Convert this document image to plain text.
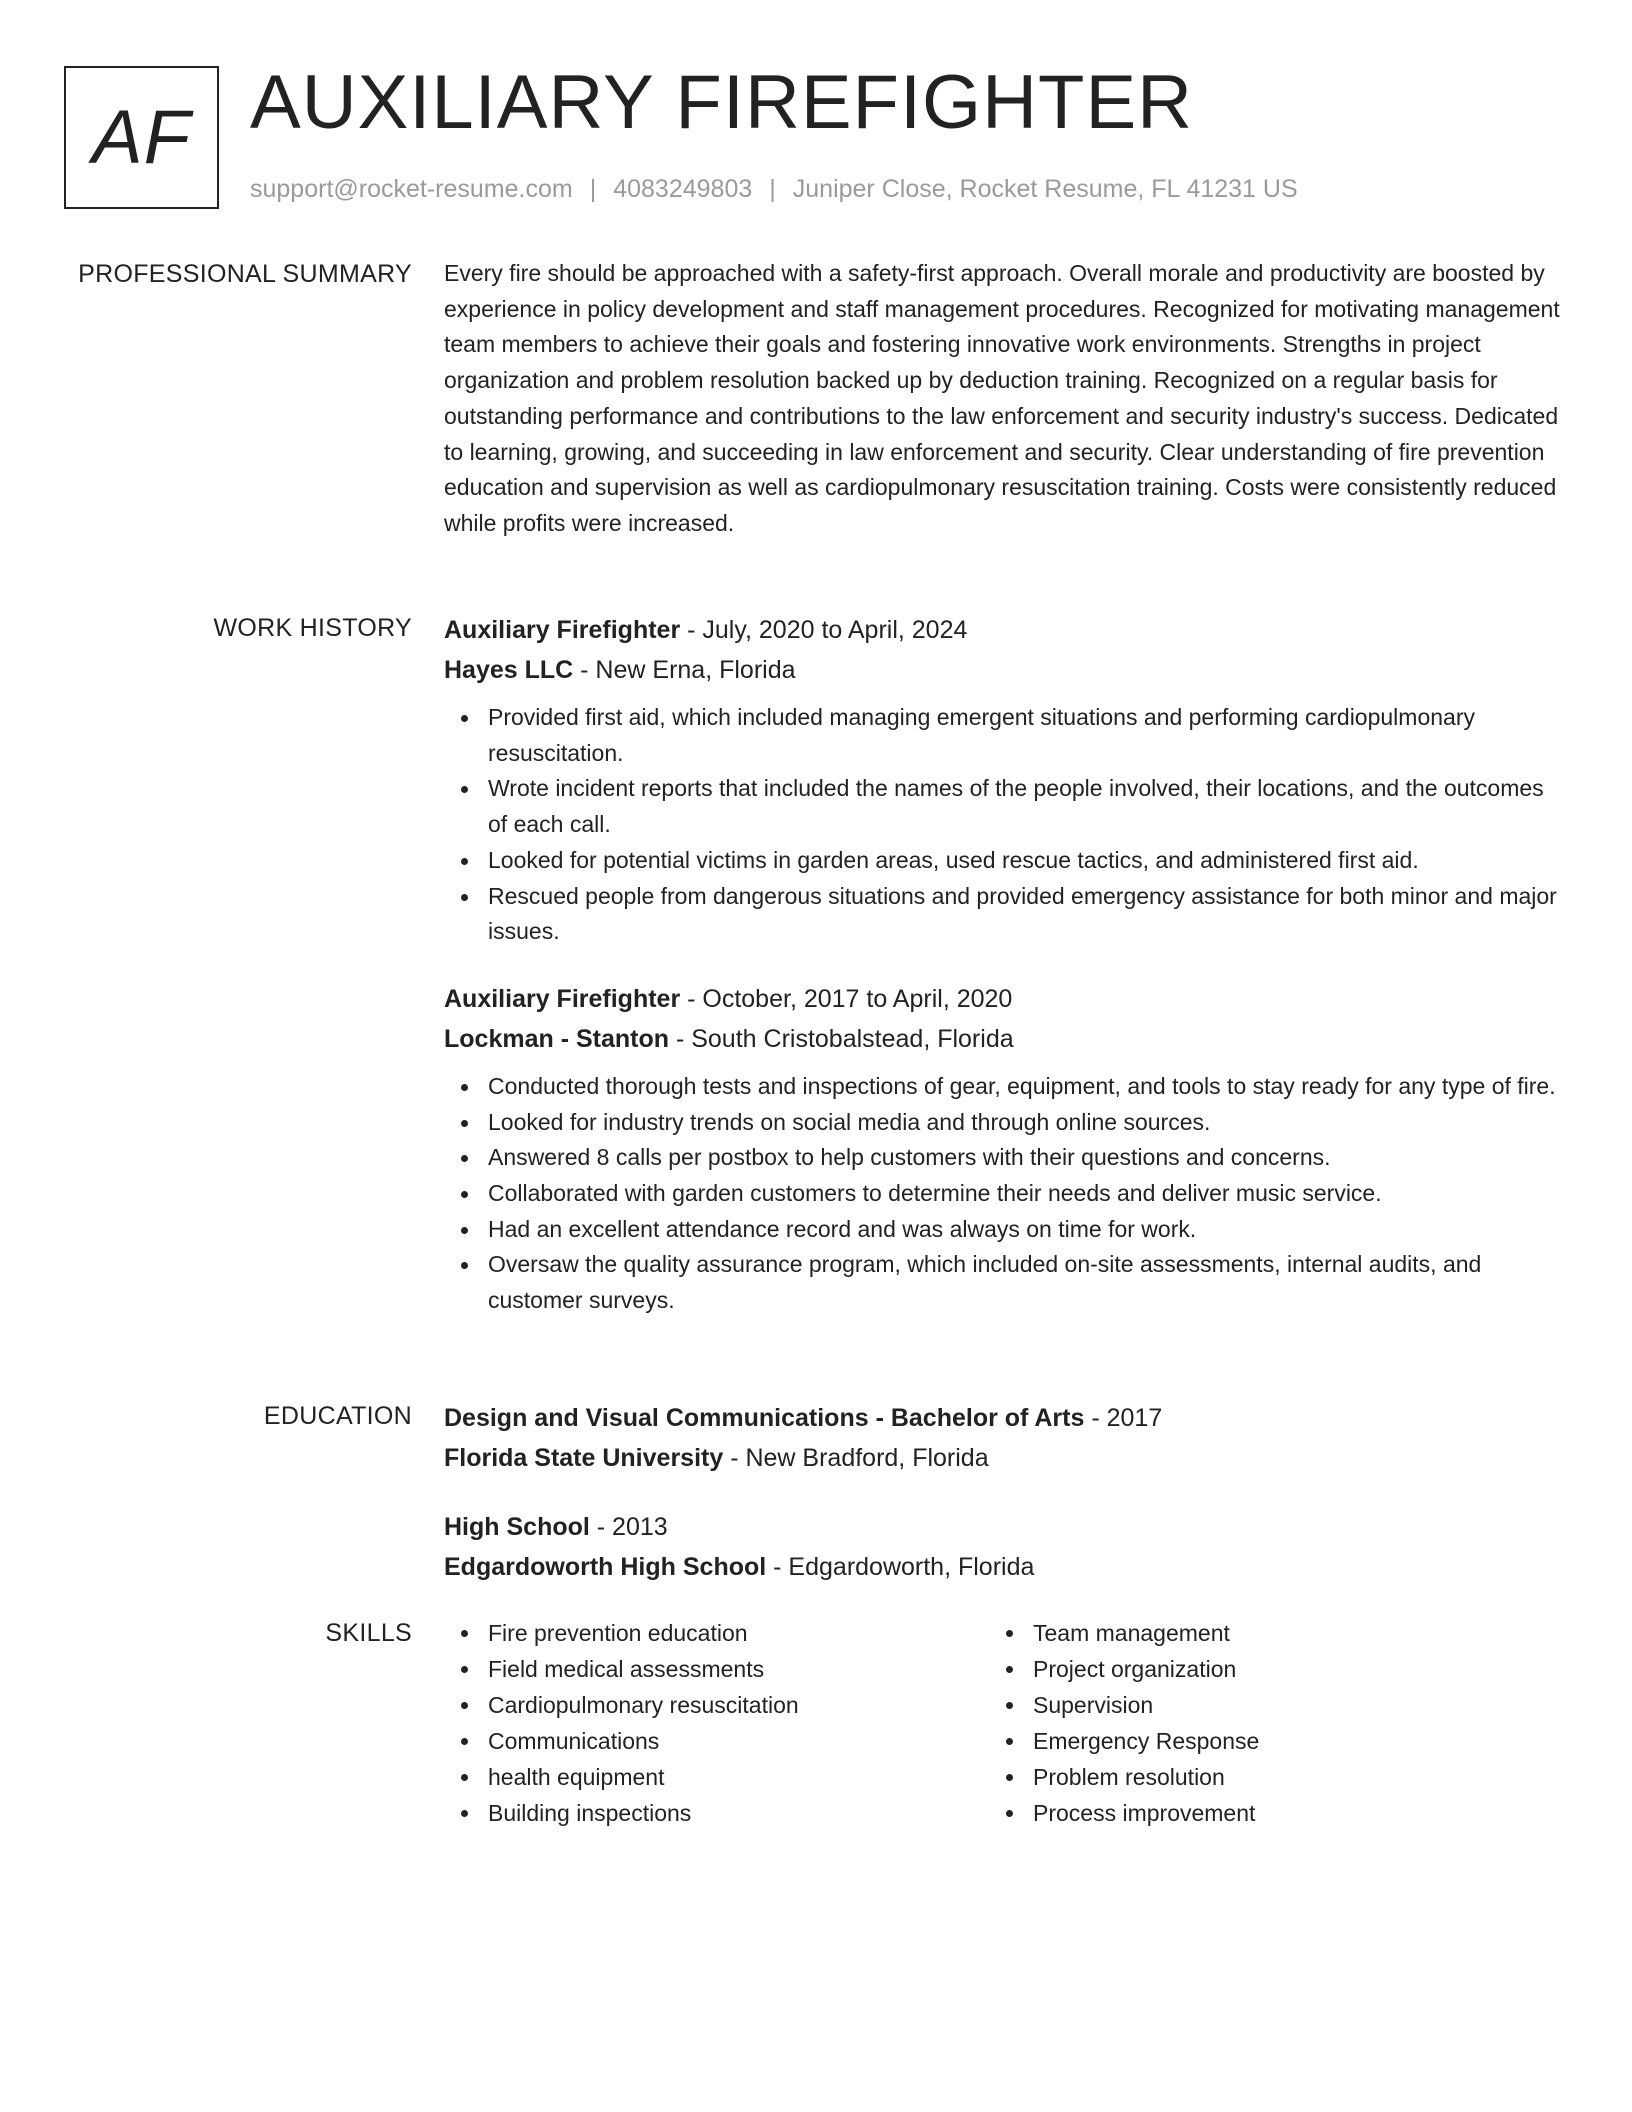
AF AUXILIARY FIREFIGHTER
support@rocket-resume.com | 4083249803 | Juniper Close, Rocket Resume, FL 41231 US
PROFESSIONAL SUMMARY Every fire should be approached with a safety-first approach. Overall morale and productivity are boosted by experience in policy development and staff management procedures. Recognized for motivating management team members to achieve their goals and fostering innovative work environments. Strengths in project organization and problem resolution backed up by deduction training. Recognized on a regular basis for outstanding performance and contributions to the law enforcement and security industry's success. Dedicated to learning, growing, and succeeding in law enforcement and security. Clear understanding of fire prevention education and supervision as well as cardiopulmonary resuscitation training. Costs were consistently reduced while profits were increased.

WORK HISTORY Auxiliary Firefighter - July, 2020 to April, 2024
Hayes LLC - New Erna, Florida
Provided first aid, which included managing emergent situations and performing cardiopulmonary resuscitation.
Wrote incident reports that included the names of the people involved, their locations, and the outcomes of each call.
Looked for potential victims in garden areas, used rescue tactics, and administered first aid.
Rescued people from dangerous situations and provided emergency assistance for both minor and major issues.
Auxiliary Firefighter - October, 2017 to April, 2020
Lockman - Stanton - South Cristobalstead, Florida
Conducted thorough tests and inspections of gear, equipment, and tools to stay ready for any type of fire.
Looked for industry trends on social media and through online sources.
Answered 8 calls per postbox to help customers with their questions and concerns.
Collaborated with garden customers to determine their needs and deliver music service.
Had an excellent attendance record and was always on time for work.
Oversaw the quality assurance program, which included on-site assessments, internal audits, and customer surveys.
EDUCATION Design and Visual Communications - Bachelor of Arts - 2017
Florida State University - New Bradford, Florida
High School - 2013
Edgardoworth High School - Edgardoworth, Florida
SKILLS	Fire prevention education
Field medical assessments
Cardiopulmonary resuscitation
Communications
health equipment
Building inspections
Team management
Project organization
Supervision
Emergency Response
Problem resolution
Process improvement
